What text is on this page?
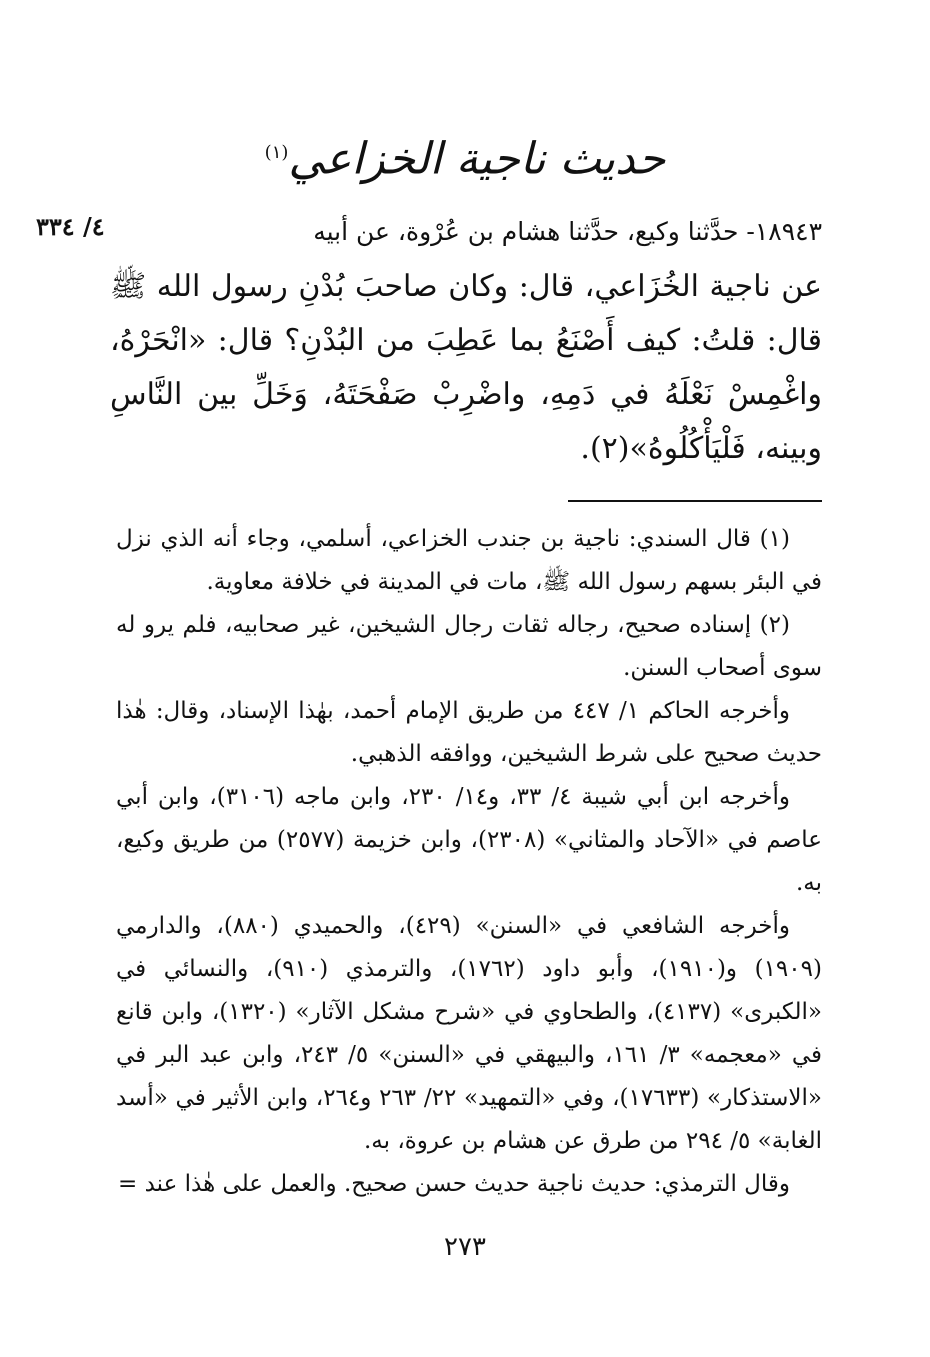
حديث ناجية الخزاعي$^{(١)}$
٤/ ٣٣٤	١٨٩٤٣- حدَّثنا وكيع، حدَّثنا هشام بن عُرْوة، عن أبيه
عن ناجية الخُزَاعي، قال: وكان صاحبَ بُدْنِ رسول الله ﷺ قال: قلتُ: كيف أَصْنَعُ بما عَطِبَ من البُدْنِ؟ قال: «انْحَرْهُ، واغْمِسْ نَعْلَهُ في دَمِهِ، واضْرِبْ صَفْحَتَهُ، وَخَلِّ بين النَّاسِ وبينه، فَلْيَأْكُلُوهُ»(٢).

(١) قال السندي: ناجية بن جندب الخزاعي، أسلمي، وجاء أنه الذي نزل في البئر بسهم رسول الله ﷺ، مات في المدينة في خلافة معاوية.

(٢) إسناده صحيح، رجاله ثقات رجال الشيخين، غير صحابيه، فلم يرو له سوى أصحاب السنن.

وأخرجه الحاكم ١/ ٤٤٧ من طريق الإمام أحمد، بهٰذا الإسناد، وقال: هٰذا حديث صحيح على شرط الشيخين، ووافقه الذهبي.

وأخرجه ابن أبي شيبة ٤/ ٣٣، و١٤/ ٢٣٠، وابن ماجه (٣١٠٦)، وابن أبي عاصم في «الآحاد والمثاني» (٢٣٠٨)، وابن خزيمة (٢٥٧٧) من طريق وكيع، به.

وأخرجه الشافعي في «السنن» (٤٢٩)، والحميدي (٨٨٠)، والدارمي (١٩٠٩) و(١٩١٠)، وأبو داود (١٧٦٢)، والترمذي (٩١٠)، والنسائي في «الكبرى» (٤١٣٧)، والطحاوي في «شرح مشكل الآثار» (١٣٢٠)، وابن قانع في «معجمه» ٣/ ١٦١، والبيهقي في «السنن» ٥/ ٢٤٣، وابن عبد البر في «الاستذكار» (١٧٦٣٣)، وفي «التمهيد» ٢٢/ ٢٦٣ و٢٦٤، وابن الأثير في «أسد الغابة» ٥/ ٢٩٤ من طرق عن هشام بن عروة، به.

وقال الترمذي: حديث ناجية حديث حسن صحيح. والعمل على هٰذا عند =

٢٧٣
